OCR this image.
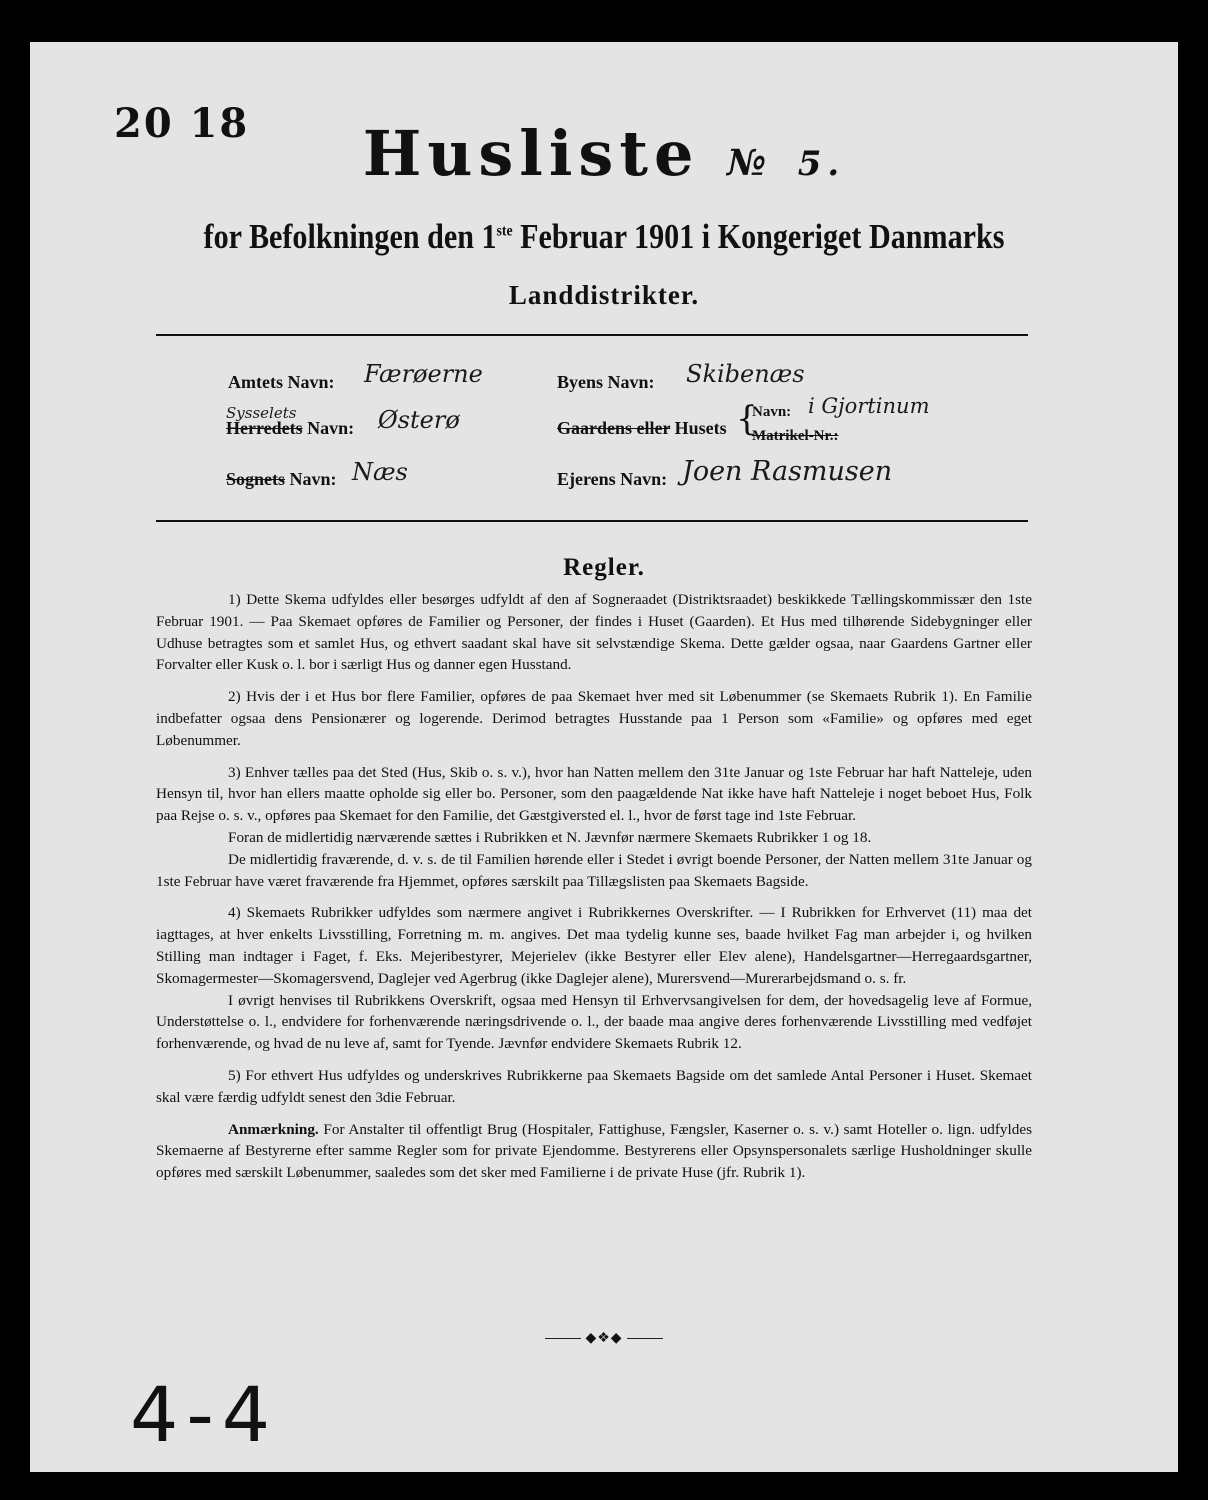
20 18	Husliste № 5.
for Befolkningen den 1ste Februar 1901 i Kongeriget Danmarks
Landdistrikter.
Amtets Navn: Færøerne
Sysselets
Herredets Navn: Østerø
Sognets Navn: Næs
Byens Navn: Skibenæs
Gaardens eller Husets {
Navn: i Gjortinum
Matrikel-Nr.:
Ejerens Navn: Joen Rasmusen
Regler.

1) Dette Skema udfyldes eller besørges udfyldt af den af Sogneraadet (Distriktsraadet) beskikkede Tællingskommissær den 1ste Februar 1901. — Paa Skemaet opføres de Familier og Personer, der findes i Huset (Gaarden). Et Hus med tilhørende Sidebygninger eller Udhuse betragtes som et samlet Hus, og ethvert saadant skal have sit selvstændige Skema. Dette gælder ogsaa, naar Gaardens Gartner eller Forvalter eller Kusk o. l. bor i særligt Hus og danner egen Husstand.

2) Hvis der i et Hus bor flere Familier, opføres de paa Skemaet hver med sit Løbenummer (se Skemaets Rubrik 1). En Familie indbefatter ogsaa dens Pensionærer og logerende. Derimod betragtes Husstande paa 1 Person som «Familie» og opføres med eget Løbenummer.

3) Enhver tælles paa det Sted (Hus, Skib o. s. v.), hvor han Natten mellem den 31te Januar og 1ste Februar har haft Natteleje, uden Hensyn til, hvor han ellers maatte opholde sig eller bo. Personer, som den paagældende Nat ikke have haft Natteleje i noget beboet Hus, Folk paa Rejse o. s. v., opføres paa Skemaet for den Familie, det Gæstgiversted el. l., hvor de først tage ind 1ste Februar.

Foran de midlertidig nærværende sættes i Rubrikken et N. Jævnfør nærmere Skemaets Rubrikker 1 og 18.

De midlertidig fraværende, d. v. s. de til Familien hørende eller i Stedet i øvrigt boende Personer, der Natten mellem 31te Januar og 1ste Februar have været fraværende fra Hjemmet, opføres særskilt paa Tillægslisten paa Skemaets Bagside.

4) Skemaets Rubrikker udfyldes som nærmere angivet i Rubrikkernes Overskrifter. — I Rubrikken for Erhvervet (11) maa det iagttages, at hver enkelts Livsstilling, Forretning m. m. angives. Det maa tydelig kunne ses, baade hvilket Fag man arbejder i, og hvilken Stilling man indtager i Faget, f. Eks. Mejeribestyrer, Mejerielev (ikke Bestyrer eller Elev alene), Handelsgartner—Herregaardsgartner, Skomagermester—Skomagersvend, Daglejer ved Agerbrug (ikke Daglejer alene), Murersvend—Murerarbejdsmand o. s. fr.

I øvrigt henvises til Rubrikkens Overskrift, ogsaa med Hensyn til Erhvervsangivelsen for dem, der hovedsagelig leve af Formue, Understøttelse o. l., endvidere for forhenværende næringsdrivende o. l., der baade maa angive deres forhenværende Livsstilling med vedføjet forhenværende, og hvad de nu leve af, samt for Tyende. Jævnfør endvidere Skemaets Rubrik 12.

5) For ethvert Hus udfyldes og underskrives Rubrikkerne paa Skemaets Bagside om det samlede Antal Personer i Huset. Skemaet skal være færdig udfyldt senest den 3die Februar.

Anmærkning. For Anstalter til offentligt Brug (Hospitaler, Fattighuse, Fængsler, Kaserner o. s. v.) samt Hoteller o. lign. udfyldes Skemaerne af Bestyrerne efter samme Regler som for private Ejendomme. Bestyrerens eller Opsynspersonalets særlige Husholdninger skulle opføres med særskilt Løbenummer, saaledes som det sker med Familierne i de private Huse (jfr. Rubrik 1).

◆❖◆
4-4
